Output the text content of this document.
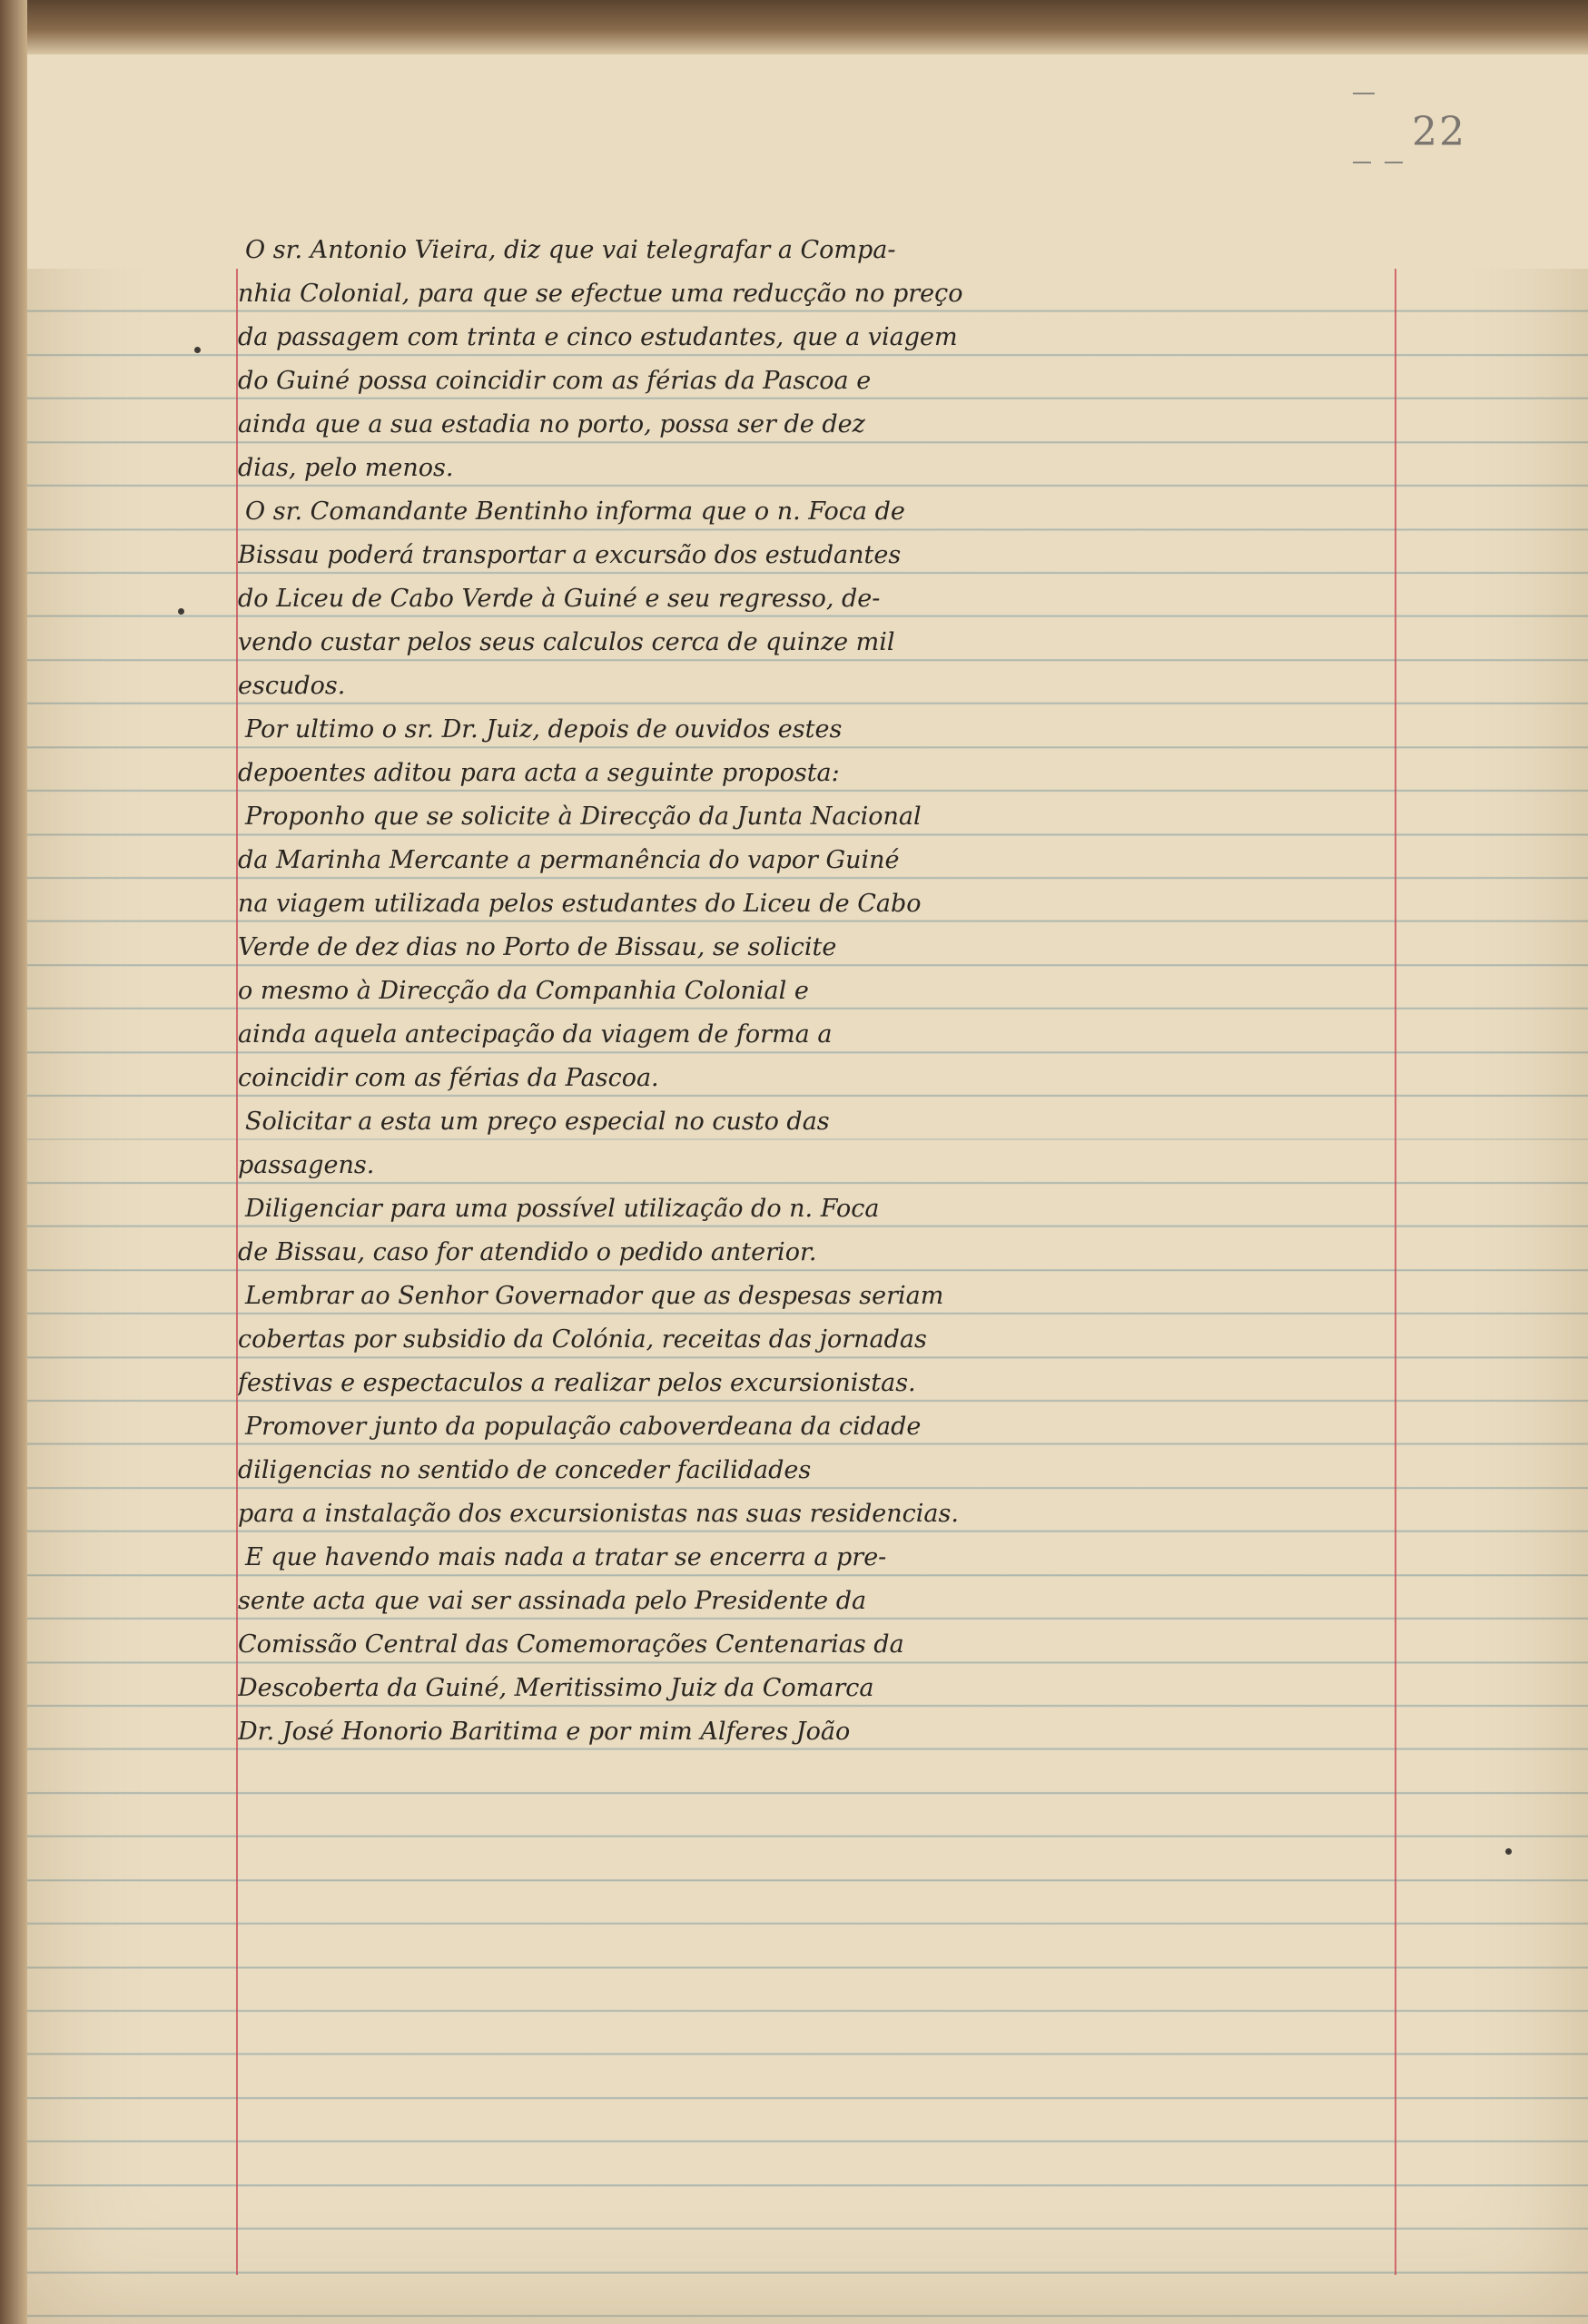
22
O sr. Antonio Vieira, diz que vai telegrafar a Compa-
nhia Colonial, para que se efectue uma reducção no preço
da passagem com trinta e cinco estudantes, que a viagem
do Guiné possa coincidir com as férias da Pascoa e
ainda que a sua estadia no porto, possa ser de dez
dias, pelo menos.
O sr. Comandante Bentinho informa que o n. Foca de
Bissau poderá transportar a excursão dos estudantes
do Liceu de Cabo Verde à Guiné e seu regresso, de-
vendo custar pelos seus calculos cerca de quinze mil
escudos.
Por ultimo o sr. Dr. Juiz, depois de ouvidos estes
depoentes aditou para acta a seguinte proposta:
Proponho que se solicite à Direcção da Junta Nacional
da Marinha Mercante a permanência do vapor Guiné
na viagem utilizada pelos estudantes do Liceu de Cabo
Verde de dez dias no Porto de Bissau, se solicite
o mesmo à Direcção da Companhia Colonial e
ainda aquela antecipação da viagem de forma a
coincidir com as férias da Pascoa.
Solicitar a esta um preço especial no custo das
passagens.
Diligenciar para uma possível utilização do n. Foca
de Bissau, caso for atendido o pedido anterior.
Lembrar ao Senhor Governador que as despesas seriam
cobertas por subsidio da Colónia, receitas das jornadas
festivas e espectaculos a realizar pelos excursionistas.
Promover junto da população caboverdeana da cidade
diligencias no sentido de conceder facilidades
para a instalação dos excursionistas nas suas residencias.
E que havendo mais nada a tratar se encerra a pre-
sente acta que vai ser assinada pelo Presidente da
Comissão Central das Comemorações Centenarias da
Descoberta da Guiné, Meritissimo Juiz da Comarca
Dr. José Honorio Baritima e por mim Alferes João
